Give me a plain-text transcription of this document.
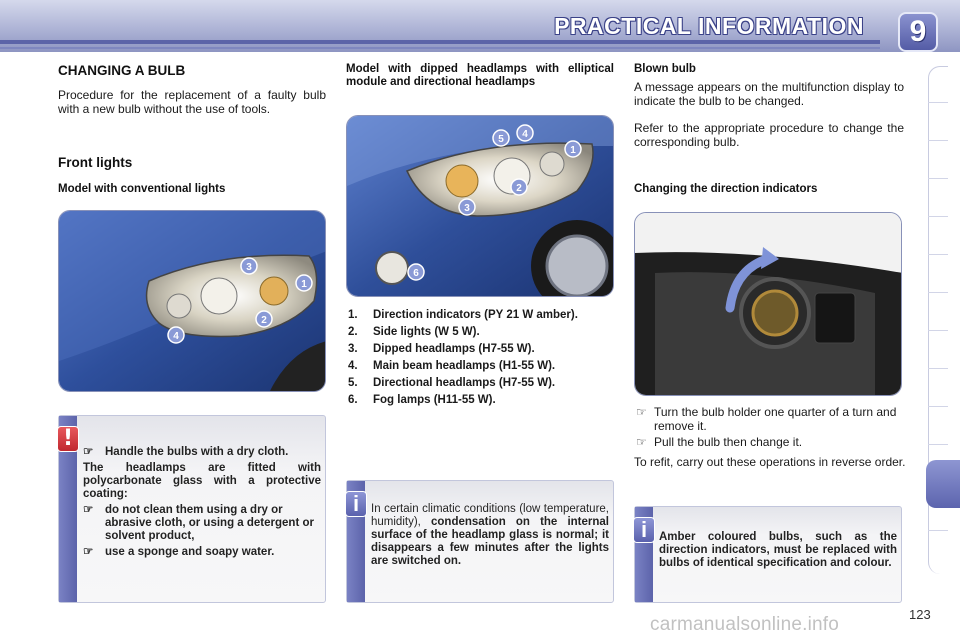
PRACTICAL INFORMATION	9
CHANGING A BULB
Procedure for the replacement of a faulty bulb with a new bulb without the use of tools.
Front lights
Model with conventional lights
3
1
2
4
!
☞	Handle the bulbs with a dry cloth.

The headlamps are fitted with polycarbonate glass with a protective coating:

☞	do not clean them using a dry or abrasive cloth, or using a detergent or solvent product,
☞	use a sponge and soapy water.
Model with dipped headlamps with elliptical module and directional headlamps
5 4
1
2
3
6
1.	Direction indicators (PY 21 W amber).
2.	Side lights (W 5 W).
3.	Dipped headlamps (H7-55 W).
4.	Main beam headlamps (H1-55 W).
5.	Directional headlamps (H7-55 W).
6.	Fog lamps (H11-55 W).
i	In certain climatic conditions (low temperature, humidity), condensation on the internal surface of the headlamp glass is normal; it disappears a few minutes after the lights are switched on.

Blown bulb
A message appears on the multifunction display to indicate the bulb to be changed.
Refer to the appropriate procedure to change the corresponding bulb.
Changing the direction indicators
☞ Turn the bulb holder one quarter of a turn and remove it.
☞ Pull the bulb then change it.
To refit, carry out these operations in reverse order.
i	Amber coloured bulbs, such as the direction indicators, must be replaced with bulbs of identical specification and colour.

123
carmanualsonline.info
